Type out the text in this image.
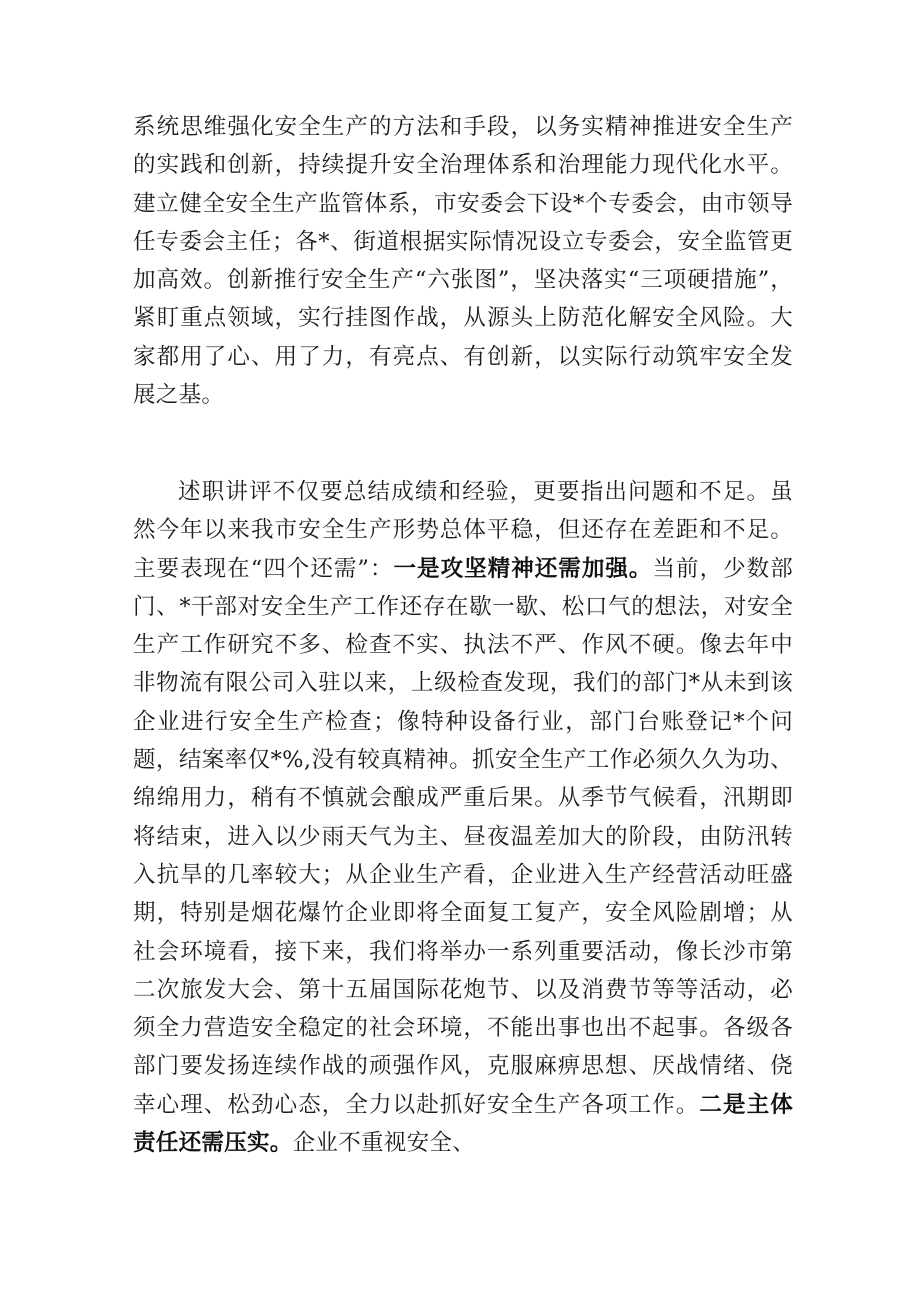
系统思维强化安全生产的方法和手段，以务实精神推进安全生产的实践和创新，持续提升安全治理体系和治理能力现代化水平。建立健全安全生产监管体系，市安委会下设*个专委会，由市领导任专委会主任；各*、街道根据实际情况设立专委会，安全监管更加高效。创新推行安全生产“六张图”，坚决落实“三项硬措施”，紧盯重点领域，实行挂图作战，从源头上防范化解安全风险。大家都用了心、用了力，有亮点、有创新，以实际行动筑牢安全发展之基。

述职讲评不仅要总结成绩和经验，更要指出问题和不足。虽然今年以来我市安全生产形势总体平稳，但还存在差距和不足。主要表现在“四个还需”：一是攻坚精神还需加强。当前，少数部门、*干部对安全生产工作还存在歇一歇、松口气的想法，对安全生产工作研究不多、检查不实、执法不严、作风不硬。像去年中非物流有限公司入驻以来，上级检查发现，我们的部门*从未到该企业进行安全生产检查；像特种设备行业，部门台账登记*个问题，结案率仅*%,没有较真精神。抓安全生产工作必须久久为功、绵绵用力，稍有不慎就会酿成严重后果。从季节气候看，汛期即将结束，进入以少雨天气为主、昼夜温差加大的阶段，由防汛转入抗旱的几率较大；从企业生产看，企业进入生产经营活动旺盛期，特别是烟花爆竹企业即将全面复工复产，安全风险剧增；从社会环境看，接下来，我们将举办一系列重要活动，像长沙市第二次旅发大会、第十五届国际花炮节、以及消费节等等活动，必须全力营造安全稳定的社会环境，不能出事也出不起事。各级各部门要发扬连续作战的顽强作风，克服麻痹思想、厌战情绪、侥幸心理、松劲心态，全力以赴抓好安全生产各项工作。二是主体责任还需压实。企业不重视安全、
